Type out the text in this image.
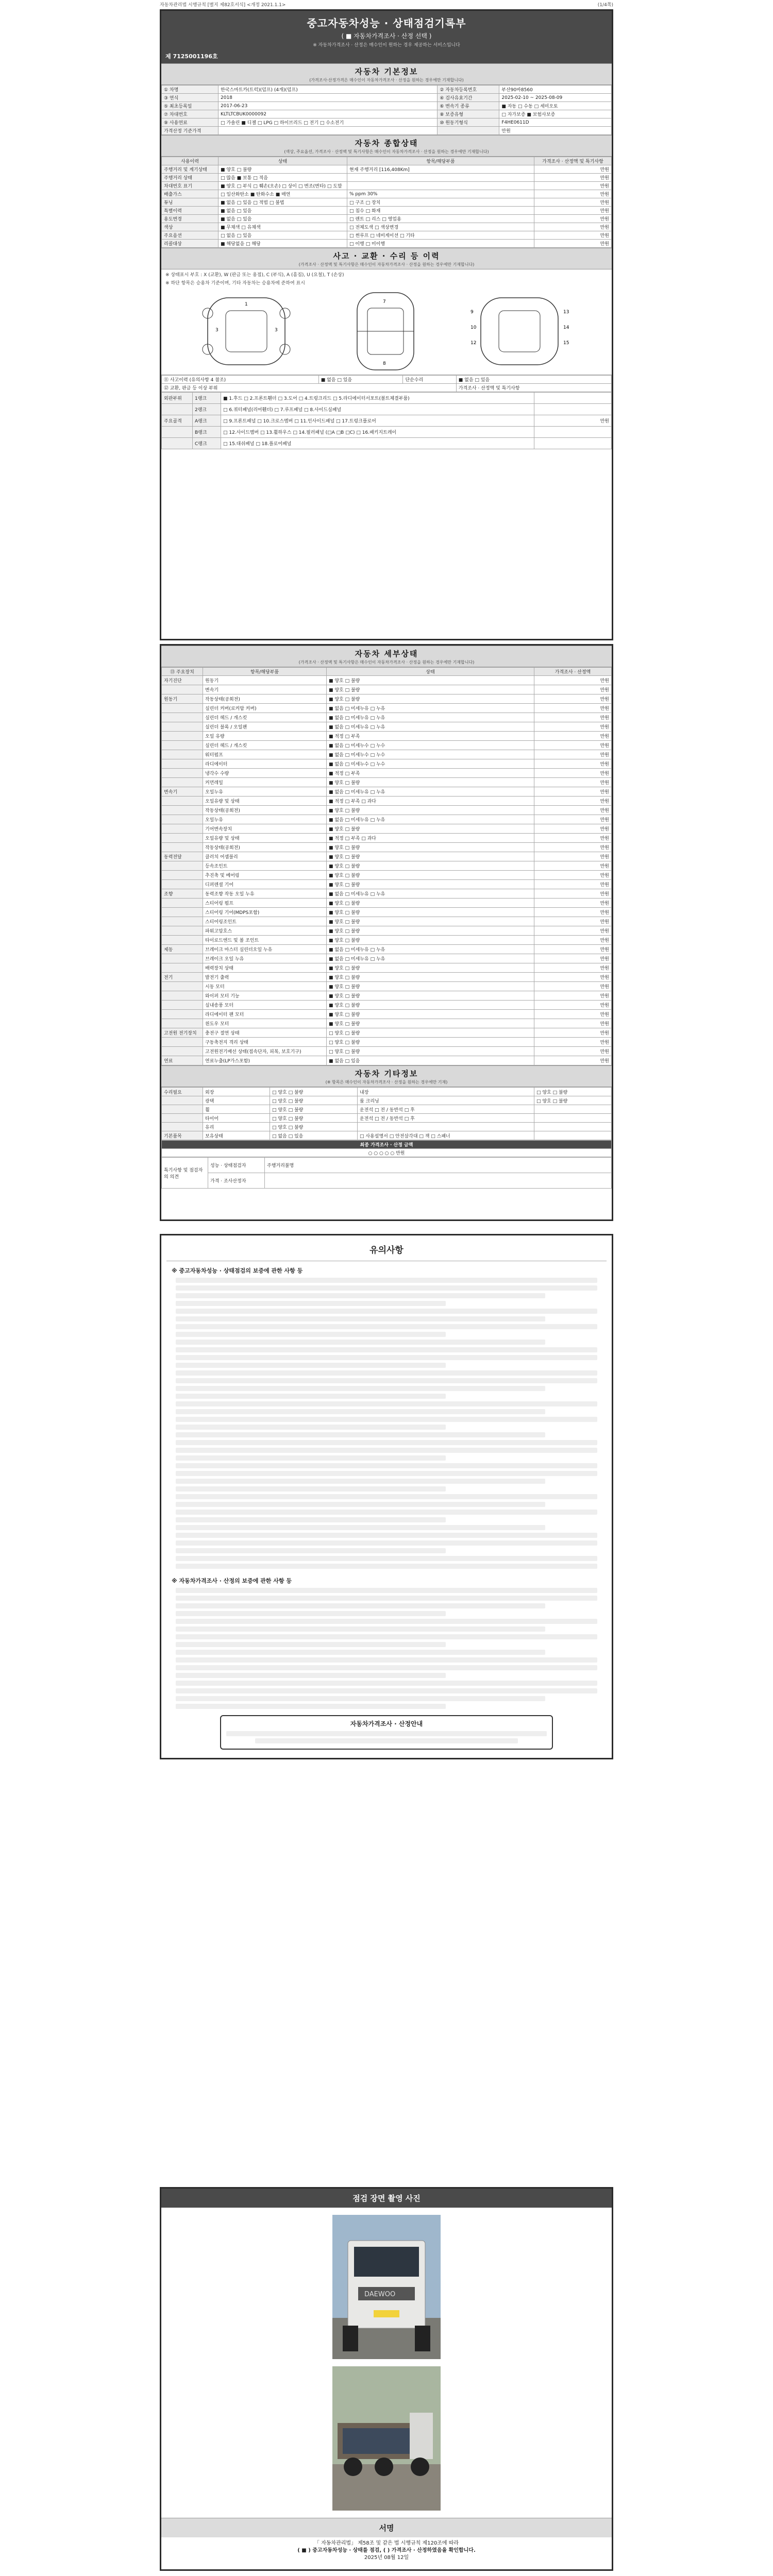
자동차관리법 시행규칙 [별지 제82호서식] <개정 2021.1.1>	(1/4쪽)
중고자동차성능 · 상태점검기록부
( ■ 자동차가격조사 · 산정 선택 )
※ 자동차가격조사 · 산정은 매수인이 원하는 경우 제공하는 서비스입니다
제 7125001196호
자동차 기본정보
(가격조사·산정가격은 매수인이 자동차가격조사 · 산정을 원하는 경우에만 기재합니다)
① 차명	한국스마트카(트럭)(덤프) (4개)(덤프)	② 자동차등록번호	부산90바8560
③ 연식	2018	④ 검사유효기간	2025-02-10 ~ 2025-08-09
⑤ 최초등록일	2017-06-23	⑥ 변속기 종류	■ 자동 □ 수동 □ 세미오토
⑦ 차대번호	KLTLTCBUK0000092	⑧ 보증유형	□ 자가보증 ■ 보험사보증
⑨ 사용연료	□ 가솔린 ■ 디젤 □ LPG □ 하이브리드 □ 전기 □ 수소전기	⑩ 원동기형식	F4HE0611D
가격산정 기준가격			만원
자동차 종합상태
(색상, 주요옵션, 가격조사 · 산정액 및 특기사항은 매수인이 자동차가격조사 · 산정을 원하는 경우에만 기재합니다)
사용이력	상태	항목/해당부품	가격조사 · 산정액 및 특기사항
주행거리 및 계기상태	■ 양호 □ 불량	현재 주행거리 [116,408Km]	만원
주행거리 상태	□ 많음 ■ 보통 □ 적음		만원
차대번호 표기	■ 양호 □ 부식 □ 훼손(오손) □ 상이 □ 변조(변타) □ 도말		만원
배출가스	□ 일산화탄소 ■ 탄화수소 ■ 매연	% ppm 30%	만원
튜닝	■ 없음 □ 있음 □ 적법 □ 불법	□ 구조 □ 장치	만원
특별이력	■ 없음 □ 있음	□ 침수 □ 화재	만원
용도변경	■ 없음 □ 있음	□ 렌트 □ 리스 □ 영업용	만원
색상	■ 무채색 □ 유채색	□ 전체도색 □ 색상변경	만원
주요옵션	□ 없음 □ 있음	□ 썬루프 □ 네비게이션 □ 기타	만원
리콜대상	■ 해당없음 □ 해당	□ 이행 □ 미이행	만원
사고 · 교환 · 수리 등 이력
(가격조사 · 산정액 및 특기사항은 매수인이 자동차가격조사 · 산정을 원하는 경우에만 기재합니다)
※ 상태표시 부호 : X (교환), W (판금 또는 용접), C (부식), A (흠집), U (요철), T (손상)
※ 하단 항목은 승용차 기준이며, 기타 자동차는 승용차에 준하여 표시
1
3	3
7
8
9
10
12
13
14
15
⑪ 사고이력 (유의사항 4 참조)	■ 없음 □ 있음	단순수리	■ 없음 □ 있음
⑫ 교환, 판금 등 이상 부위			가격조사 · 산정액 및 특기사항
외판부위	1랭크	■ 1.후드 □ 2.프론트휀더 □ 3.도어 □ 4.트렁크리드 □ 5.라디에이터서포트(볼트체결부품)	
	2랭크	□ 6.쿼터패널(리어휀더) □ 7.루프패널 □ 8.사이드실패널	
주요골격	A랭크	□ 9.프론트패널 □ 10.크로스멤버 □ 11.인사이드패널 □ 17.트렁크플로어	만원
	B랭크	□ 12.사이드멤버 □ 13.휠하우스 □ 14.필러패널 (□A □B □C) □ 16.패키지트레이	
	C랭크	□ 15.대쉬패널 □ 18.플로어패널	
자동차 세부상태
(가격조사 · 산정액 및 특기사항은 매수인이 자동차가격조사 · 산정을 원하는 경우에만 기재합니다)
⑬ 주요장치	항목/해당부품	상태	가격조사 · 산정액
자기진단	원동기	■ 양호 □ 불량	만원
	변속기	■ 양호 □ 불량	만원
원동기	작동상태(공회전)	■ 양호 □ 불량	만원
	실린더 커버(로커암 커버)	■ 없음 □ 미세누유 □ 누유	만원
	실린더 헤드 / 개스킷	■ 없음 □ 미세누유 □ 누유	만원
	실린더 블록 / 오일팬	■ 없음 □ 미세누유 □ 누유	만원
	오일 유량	■ 적정 □ 부족	만원
	실린더 헤드 / 개스킷	■ 없음 □ 미세누수 □ 누수	만원
	워터펌프	■ 없음 □ 미세누수 □ 누수	만원
	라디에이터	■ 없음 □ 미세누수 □ 누수	만원
	냉각수 수량	■ 적정 □ 부족	만원
	커먼레일	■ 양호 □ 불량	만원
변속기	오일누유	■ 없음 □ 미세누유 □ 누유	만원
	오일유량 및 상태	■ 적정 □ 부족 □ 과다	만원
	작동상태(공회전)	■ 양호 □ 불량	만원
	오일누유	■ 없음 □ 미세누유 □ 누유	만원
	기어변속장치	■ 양호 □ 불량	만원
	오일유량 및 상태	■ 적정 □ 부족 □ 과다	만원
	작동상태(공회전)	■ 양호 □ 불량	만원
동력전달	클러치 어셈블리	■ 양호 □ 불량	만원
	등속조인트	■ 양호 □ 불량	만원
	추진축 및 베어링	■ 양호 □ 불량	만원
	디퍼렌셜 기어	■ 양호 □ 불량	만원
조향	동력조향 작동 오일 누유	■ 없음 □ 미세누유 □ 누유	만원
	스티어링 펌프	■ 양호 □ 불량	만원
	스티어링 기어(MDPS포함)	■ 양호 □ 불량	만원
	스티어링조인트	■ 양호 □ 불량	만원
	파워고압호스	■ 양호 □ 불량	만원
	타이로드엔드 및 볼 조인트	■ 양호 □ 불량	만원
제동	브레이크 마스터 실린더오일 누유	■ 없음 □ 미세누유 □ 누유	만원
	브레이크 오일 누유	■ 없음 □ 미세누유 □ 누유	만원
	배력장치 상태	■ 양호 □ 불량	만원
전기	발전기 출력	■ 양호 □ 불량	만원
	시동 모터	■ 양호 □ 불량	만원
	와이퍼 모터 기능	■ 양호 □ 불량	만원
	실내송풍 모터	■ 양호 □ 불량	만원
	라디에이터 팬 모터	■ 양호 □ 불량	만원
	윈도우 모터	■ 양호 □ 불량	만원
고전원 전기장치	충전구 절연 상태	□ 양호 □ 불량	만원
	구동축전지 격리 상태	□ 양호 □ 불량	만원
	고전원전기배선 상태(접속단자, 피복, 보호기구)	□ 양호 □ 불량	만원
연료	연료누출(LP가스포함)	■ 없음 □ 있음	만원
자동차 기타정보
(※ 항목은 매수인이 자동차가격조사 · 산정을 원하는 경우에만 기재)
수리필요	외장	□ 양호 □ 불량	내장	□ 양호 □ 불량
	광택	□ 양호 □ 불량	룸 크리닝	□ 양호 □ 불량
	휠	□ 양호 □ 불량	운전석 □ 전 / 동반석 □ 후	
	타이어	□ 양호 □ 불량	운전석 □ 전 / 동반석 □ 후	
	유리	□ 양호 □ 불량		
기본품목	보유상태	□ 없음 □ 있음	□ 사용설명서 □ 안전삼각대 □ 잭 □ 스패너	
최종 가격조사 · 산정 금액
○ ○ ○ ○ ○ 만원
특기사항 및 점검자의 의견	성능 · 상태점검자	주행거리불명
	가격 · 조사산정자	
유의사항
※ 중고자동차성능 · 상태점검의 보증에 관한 사항 등
※ 자동차가격조사 · 산정의 보증에 관한 사항 등
자동차가격조사 · 산정안내
점검 장면 촬영 사진
DAEWOO
서명
「 자동차관리법」 제58조 및 같은 법 시행규칙 제120조에 따라
( ■ ) 중고자동차성능 · 상태를 점검, ( ) 가격조사 · 산정하였음을 확인합니다.
2025년 08월 12일
